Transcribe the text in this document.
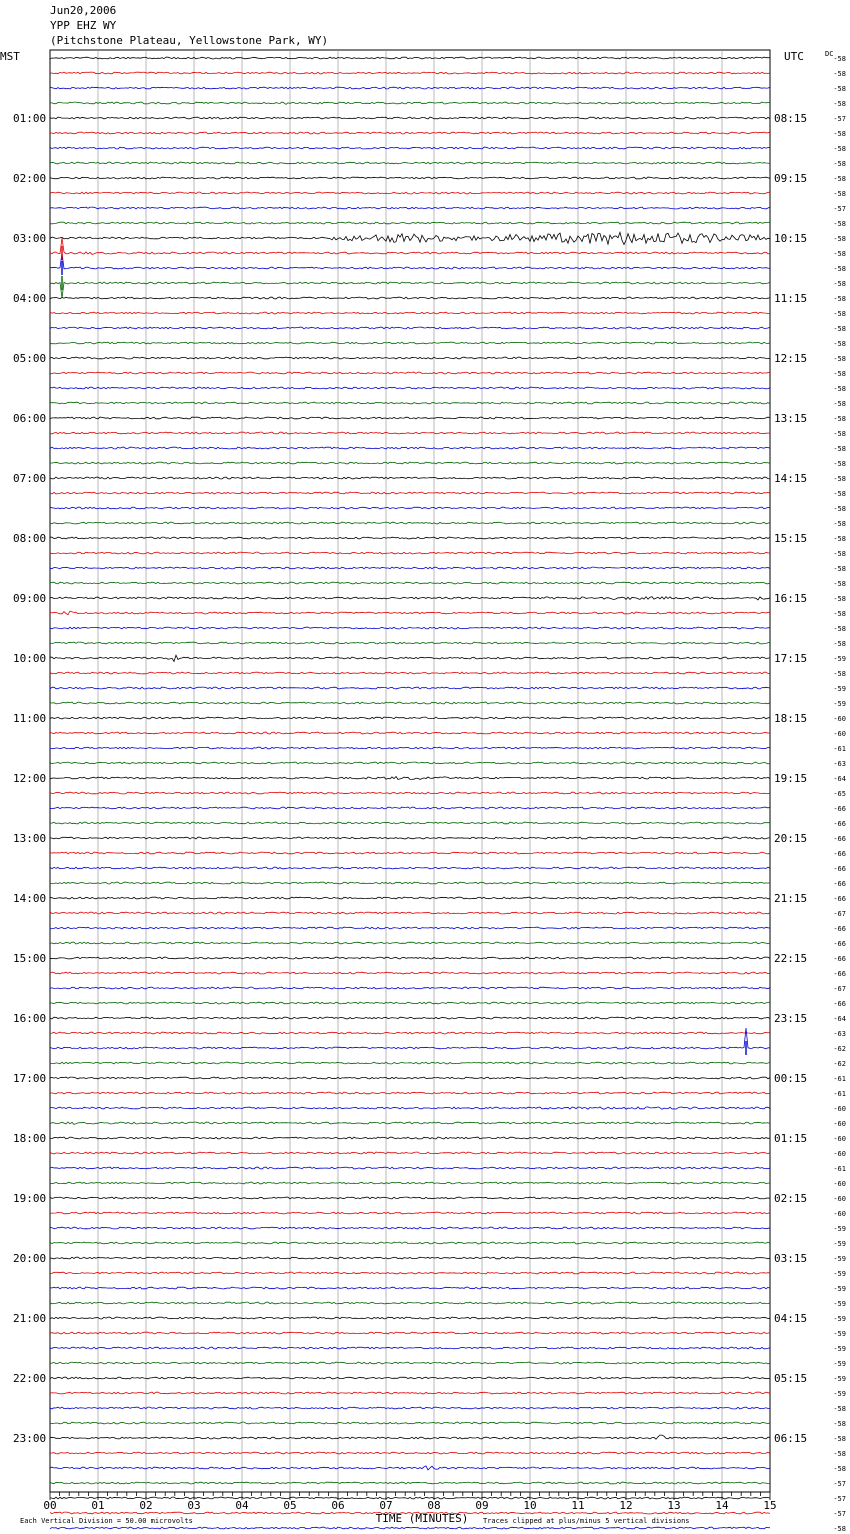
Jun20,2006
YPP EHZ WY
(Pitchstone Plateau, Yellowstone Park, WY)
-58
-58
-58
-58
-57
-58
-58
-58
-58
-58
-57
-58
-58
-58
-58
-58
-58
-58
-58
-58
-58
-58
-58
-58
-58
-58
-58
-58
-58
-58
-58
-58
-58
-58
-58
-58
-58
-58
-58
-58
-59
-58
-59
-59
-60
-60
-61
-63
-64
-65
-66
-66
-66
-66
-66
-66
-66
-67
-66
-66
-66
-66
-67
-66
-64
-63
-62
-62
-61
-61
-60
-60
-60
-60
-61
-60
-60
-60
-59
-59
-59
-59
-59
-59
-59
-59
-59
-59
-59
-59
-58
-58
-58
-58
-58
-57
-57
-57
-58
MST	UTC	DC
01:00
02:00
03:00
04:00
05:00
06:00
07:00
08:00
09:00
10:00
11:00
12:00
13:00
14:00
15:00
16:00
17:00
18:00
19:00
20:00
21:00
22:00
23:00
08:15
09:15
10:15
11:15
12:15
13:15
14:15
15:15
16:15
17:15
18:15
19:15
20:15
21:15
22:15
23:15
00:15
01:15
02:15
03:15
04:15
05:15
06:15
00	01	02	03	04	05	06	07	08	09	10	11	12	13	14	15
TIME (MINUTES)
Each Vertical Division = 50.00 microvolts	Traces clipped at plus/minus 5 vertical divisions
